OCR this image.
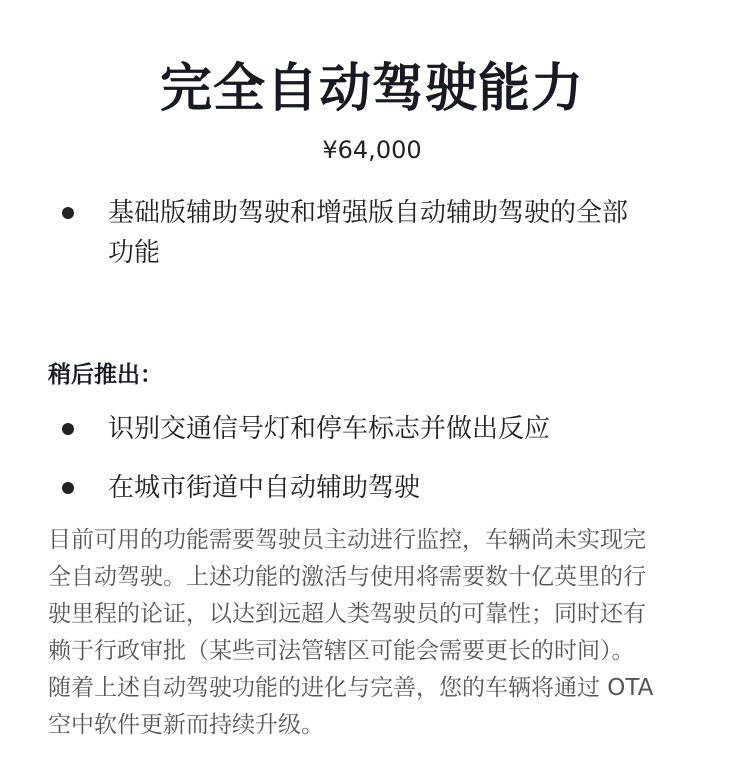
完全自动驾驶能力
¥64,000
基础版辅助驾驶和增强版自动辅助驾驶的全部
功能
稍后推出：
识别交通信号灯和停车标志并做出反应
在城市街道中自动辅助驾驶
目前可用的功能需要驾驶员主动进行监控，车辆尚未实现完
全自动驾驶。上述功能的激活与使用将需要数十亿英里的行
驶里程的论证，以达到远超人类驾驶员的可靠性；同时还有
赖于行政审批（某些司法管辖区可能会需要更长的时间）。
随着上述自动驾驶功能的进化与完善，您的车辆将通过 OTA
空中软件更新而持续升级。
